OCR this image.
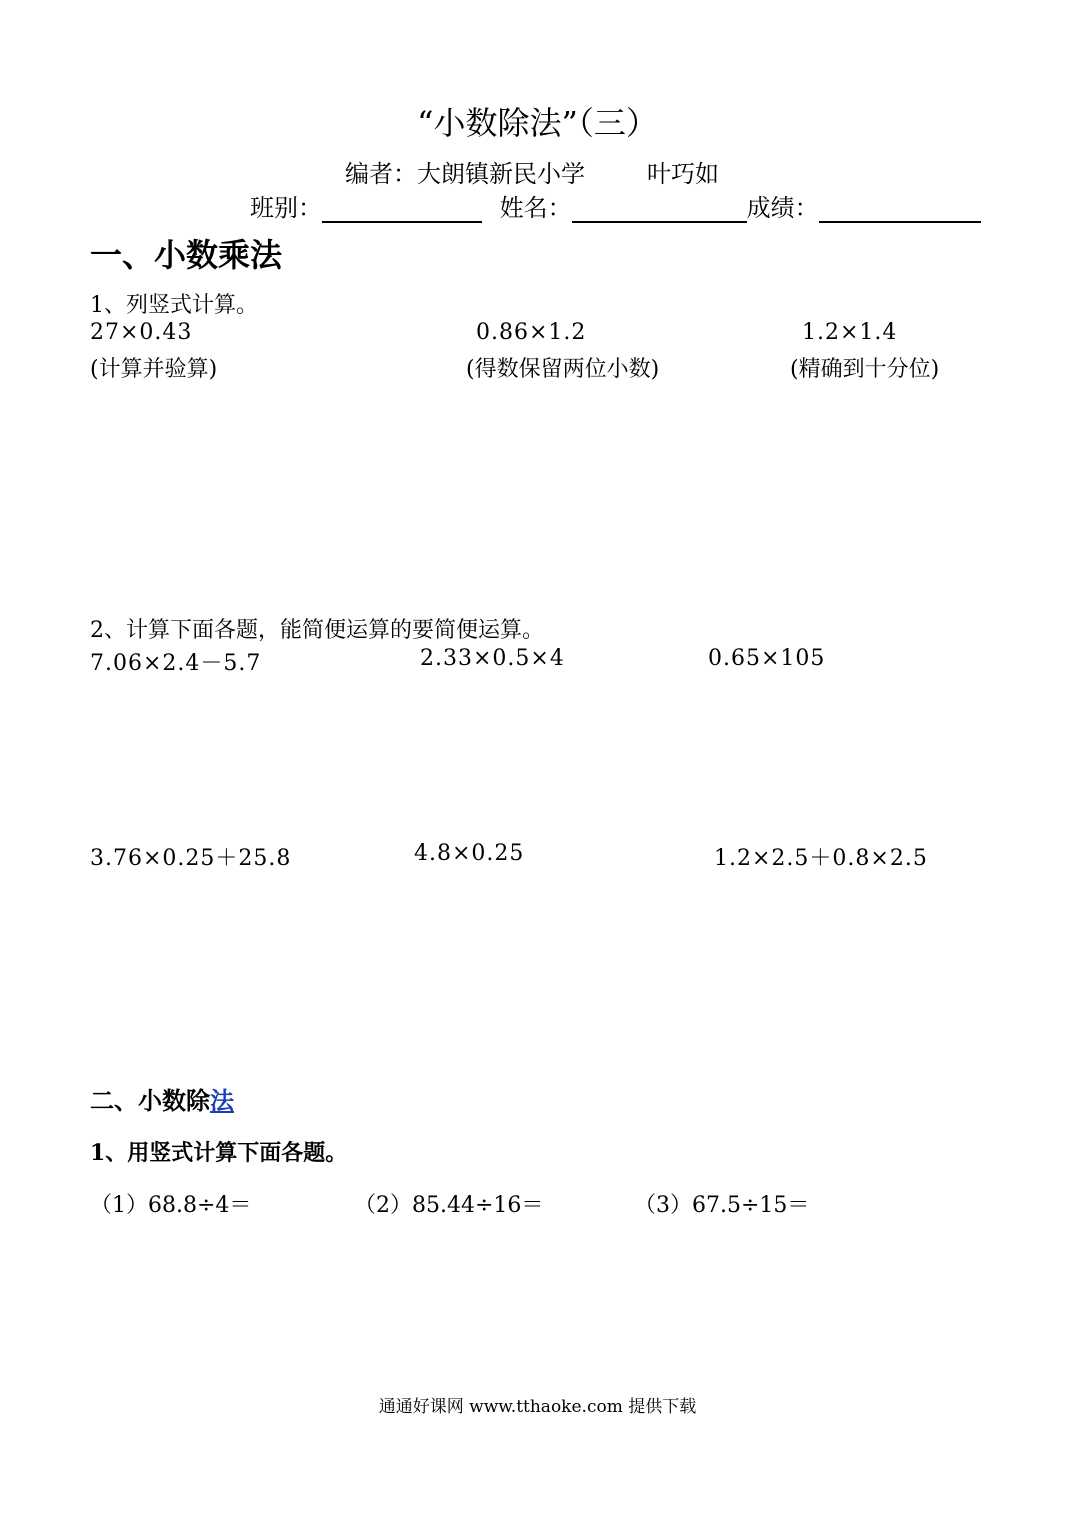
“小数除法”（三）
编者：大朗镇新民小学	叶巧如
班别：	姓名：	成绩：
一、小数乘法
1、列竖式计算。
27×0.43	0.86×1.2	1.2×1.4
(计算并验算)	(得数保留两位小数)	(精确到十分位)
2、计算下面各题，能简便运算的要简便运算。
7.06×2.4－5.7	2.33×0.5×4	0.65×105
3.76×0.25＋25.8	4.8×0.25	1.2×2.5＋0.8×2.5
二、小数除法
1、用竖式计算下面各题。
（1）68.8÷4＝	（2）85.44÷16＝	（3）67.5÷15＝
通通好课网 www.tthaoke.com 提供下载
